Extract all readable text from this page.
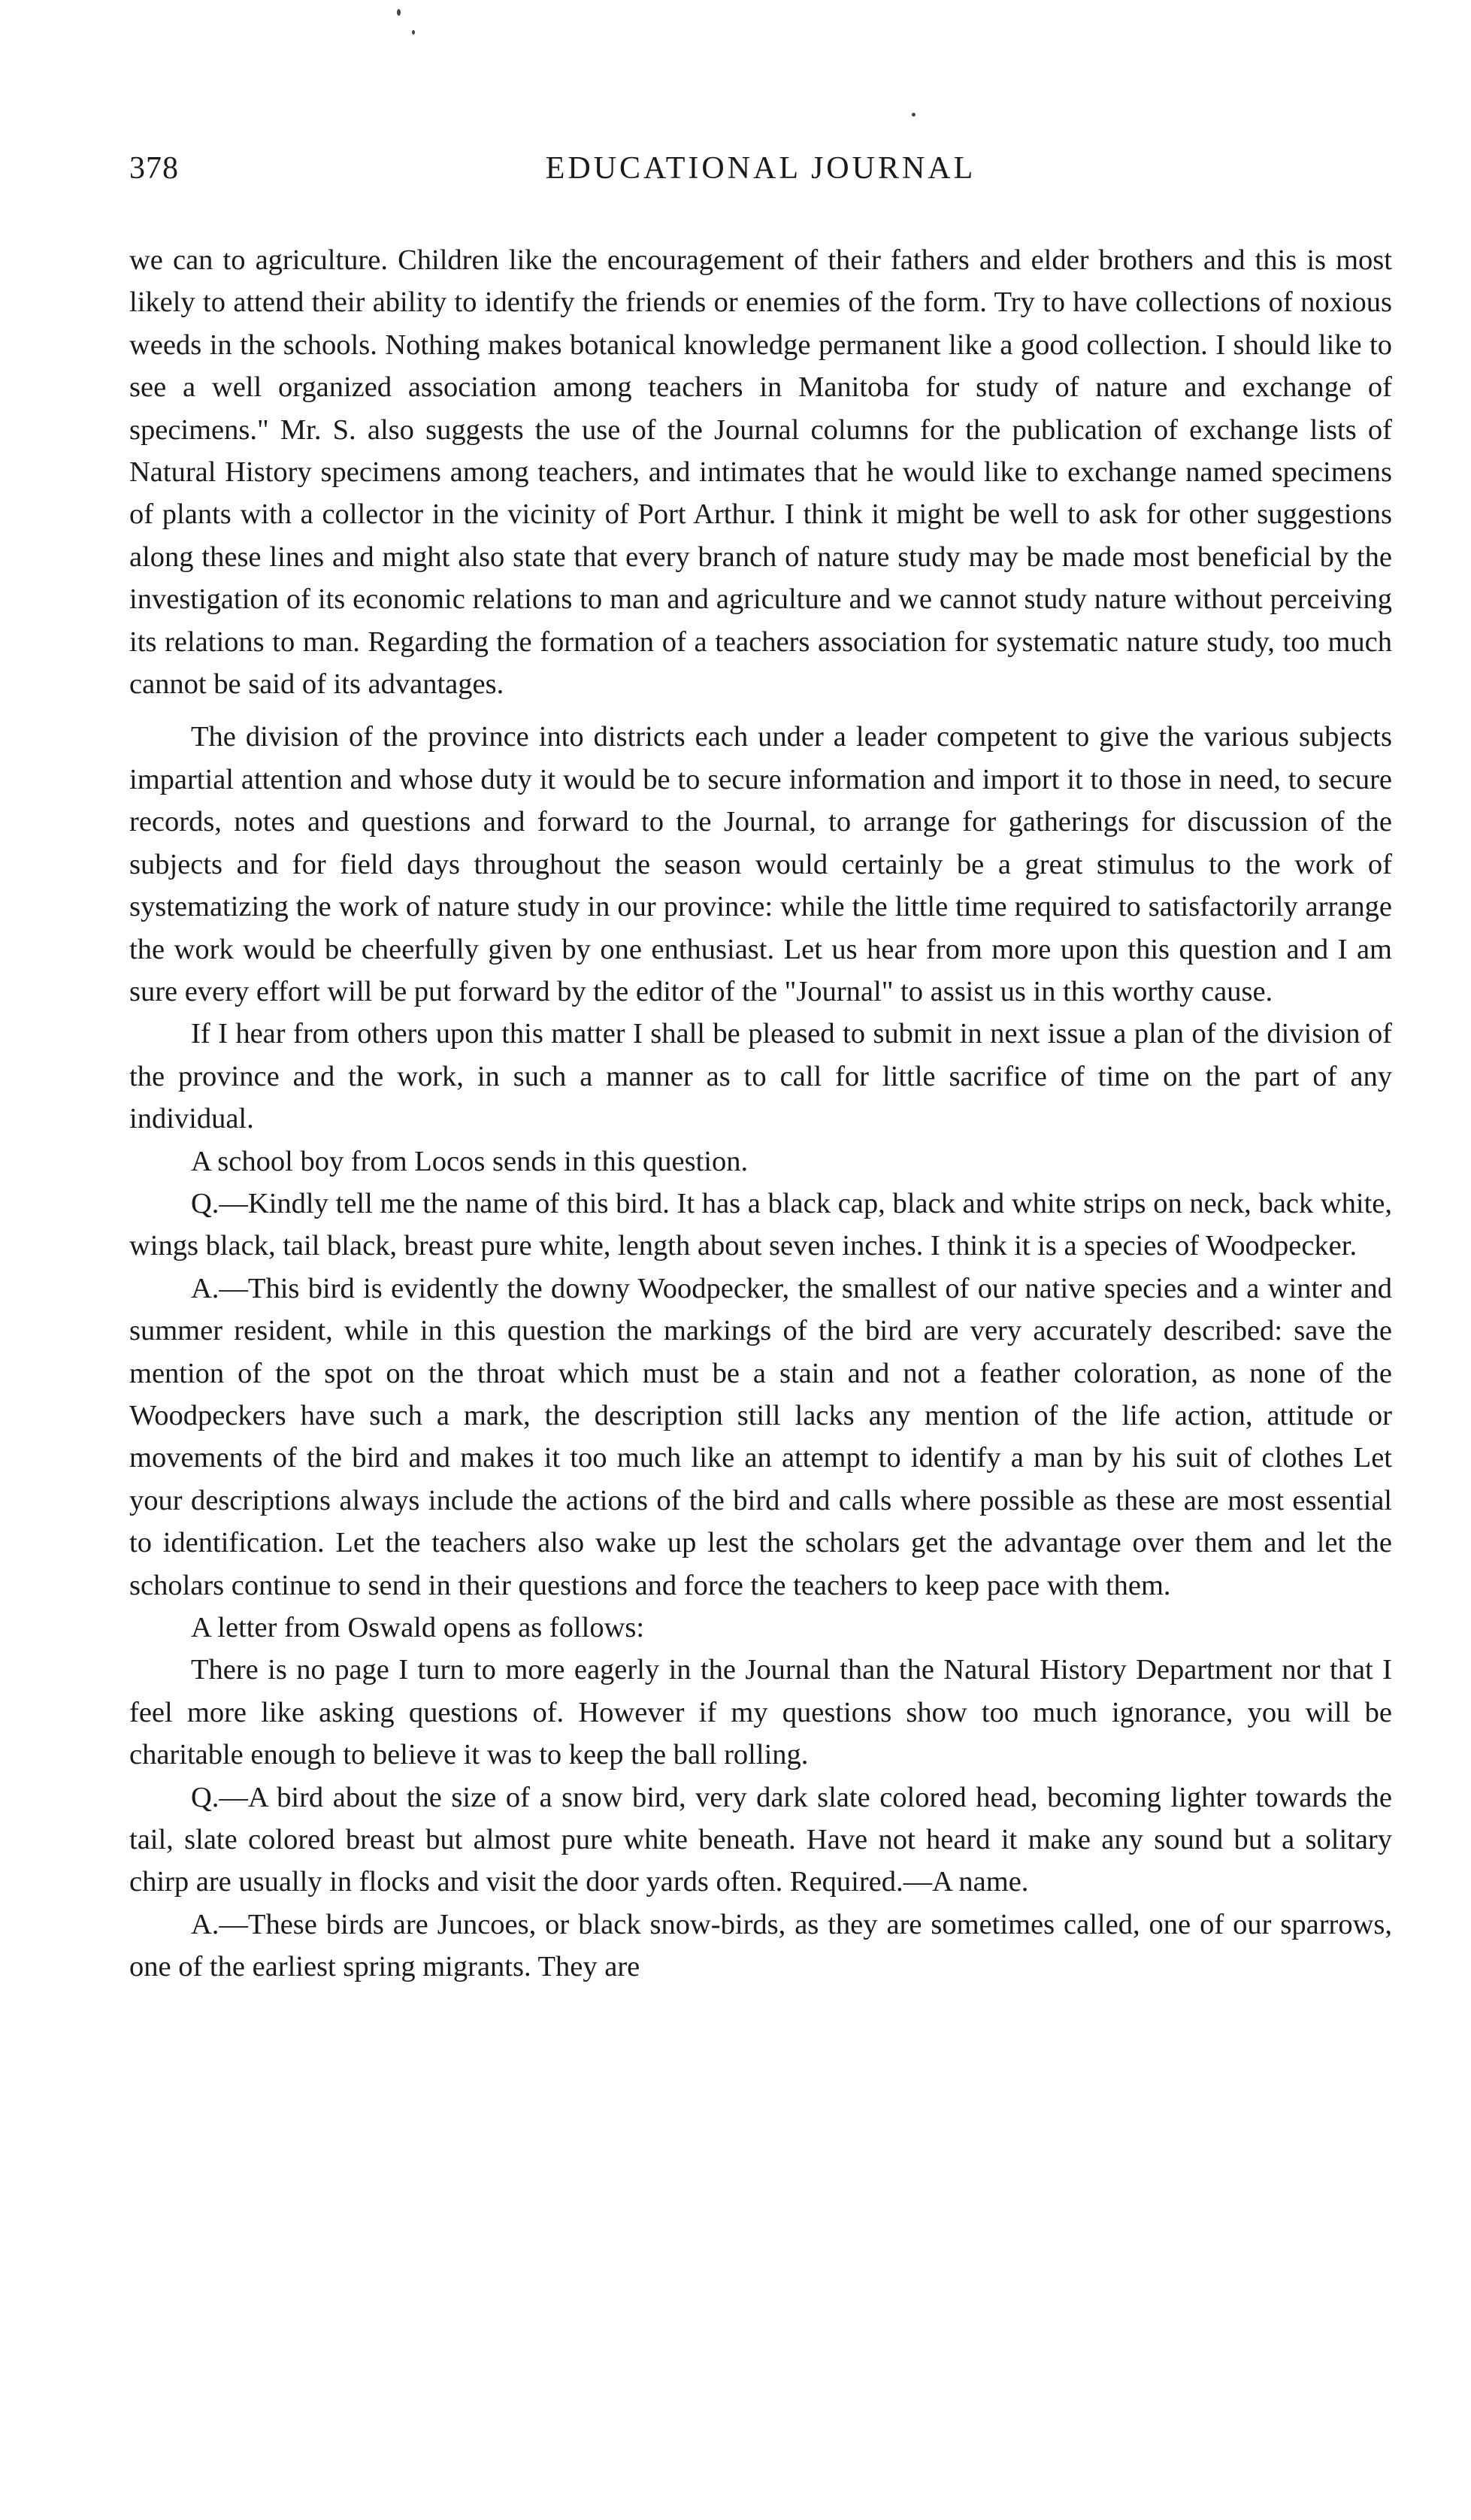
378	EDUCATIONAL JOURNAL

we can to agriculture. Children like the encouragement of their fathers and elder brothers and this is most likely to attend their ability to identify the friends or enemies of the form. Try to have collections of noxious weeds in the schools. Nothing makes botanical knowledge permanent like a good collection. I should like to see a well organized association among teachers in Manitoba for study of nature and exchange of specimens." Mr. S. also suggests the use of the Journal columns for the publication of exchange lists of Natural History specimens among teachers, and intimates that he would like to exchange named specimens of plants with a collector in the vicinity of Port Arthur. I think it might be well to ask for other suggestions along these lines and might also state that every branch of nature study may be made most beneficial by the investigation of its economic relations to man and agriculture and we cannot study nature without perceiving its relations to man. Regarding the formation of a teachers association for systematic nature study, too much cannot be said of its advantages.

The division of the province into districts each under a leader competent to give the various subjects impartial attention and whose duty it would be to secure information and import it to those in need, to secure records, notes and questions and forward to the Journal, to arrange for gatherings for discussion of the subjects and for field days throughout the season would certainly be a great stimulus to the work of systematizing the work of nature study in our province: while the little time required to satisfactorily arrange the work would be cheerfully given by one enthusiast. Let us hear from more upon this question and I am sure every effort will be put forward by the editor of the "Journal" to assist us in this worthy cause.

If I hear from others upon this matter I shall be pleased to submit in next issue a plan of the division of the province and the work, in such a manner as to call for little sacrifice of time on the part of any individual.

A school boy from Locos sends in this question.

Q.—Kindly tell me the name of this bird. It has a black cap, black and white strips on neck, back white, wings black, tail black, breast pure white, length about seven inches. I think it is a species of Woodpecker.

A.—This bird is evidently the downy Woodpecker, the smallest of our native species and a winter and summer resident, while in this question the markings of the bird are very accurately described: save the mention of the spot on the throat which must be a stain and not a feather coloration, as none of the Woodpeckers have such a mark, the description still lacks any mention of the life action, attitude or movements of the bird and makes it too much like an attempt to identify a man by his suit of clothes Let your descriptions always include the actions of the bird and calls where possible as these are most essential to identification. Let the teachers also wake up lest the scholars get the advantage over them and let the scholars continue to send in their questions and force the teachers to keep pace with them.

A letter from Oswald opens as follows:

There is no page I turn to more eagerly in the Journal than the Natural History Department nor that I feel more like asking questions of. However if my questions show too much ignorance, you will be charitable enough to believe it was to keep the ball rolling.

Q.—A bird about the size of a snow bird, very dark slate colored head, becoming lighter towards the tail, slate colored breast but almost pure white beneath. Have not heard it make any sound but a solitary chirp are usually in flocks and visit the door yards often. Required.—A name.

A.—These birds are Juncoes, or black snow-birds, as they are sometimes called, one of our sparrows, one of the earliest spring migrants. They are
